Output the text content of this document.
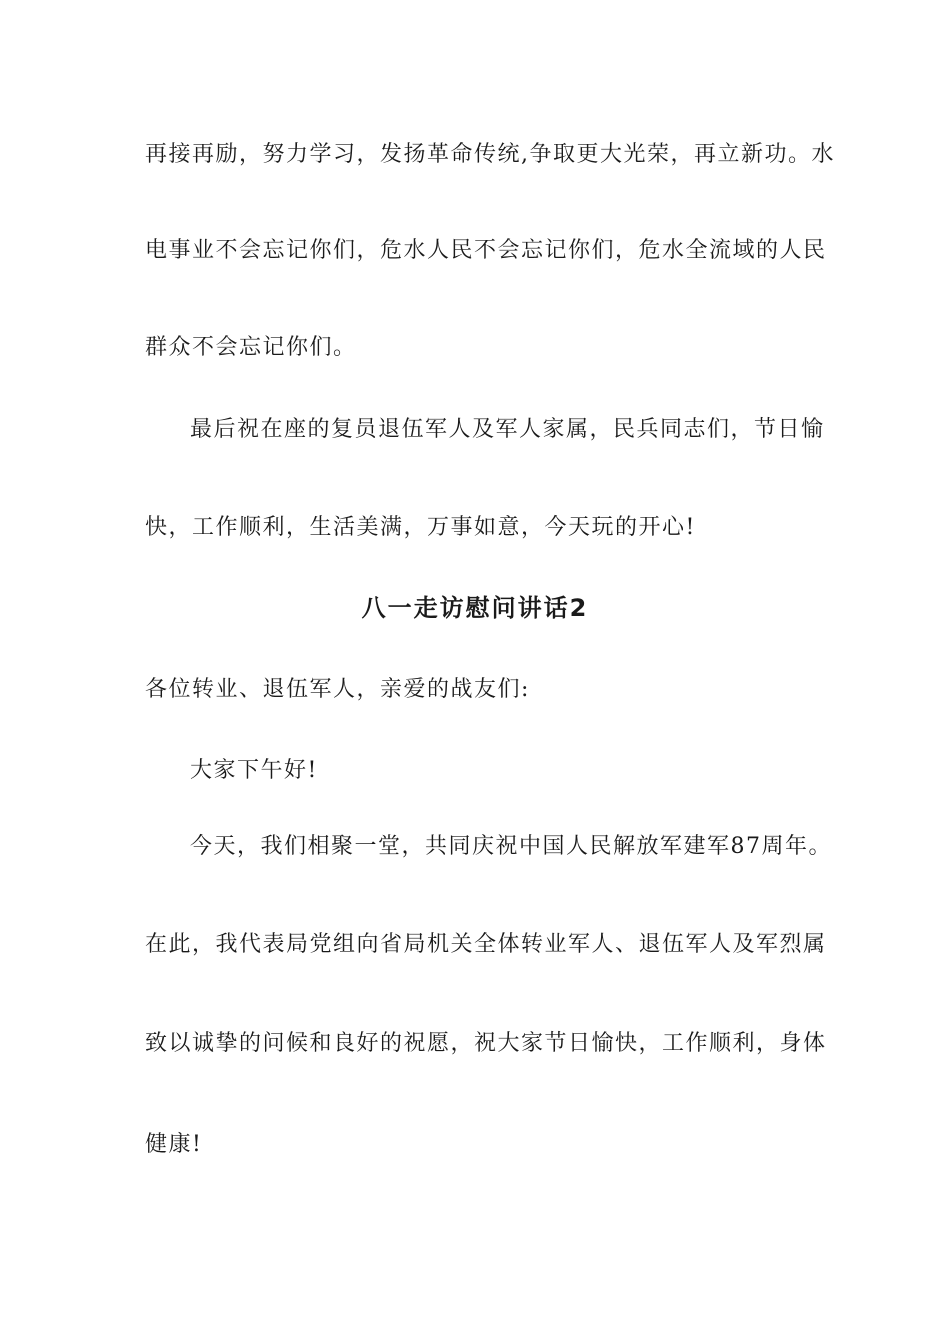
再接再励，努力学习，发扬革命传统,争取更大光荣，再立新功。水
电事业不会忘记你们，危水人民不会忘记你们，危水全流域的人民
群众不会忘记你们。
最后祝在座的复员退伍军人及军人家属，民兵同志们，节日愉
快，工作顺利，生活美满，万事如意，今天玩的开心!
八一走访慰问讲话2
各位转业、退伍军人，亲爱的战友们:
大家下午好!
今天，我们相聚一堂，共同庆祝中国人民解放军建军87周年。
在此，我代表局党组向省局机关全体转业军人、退伍军人及军烈属
致以诚挚的问候和良好的祝愿，祝大家节日愉快，工作顺利，身体
健康!
